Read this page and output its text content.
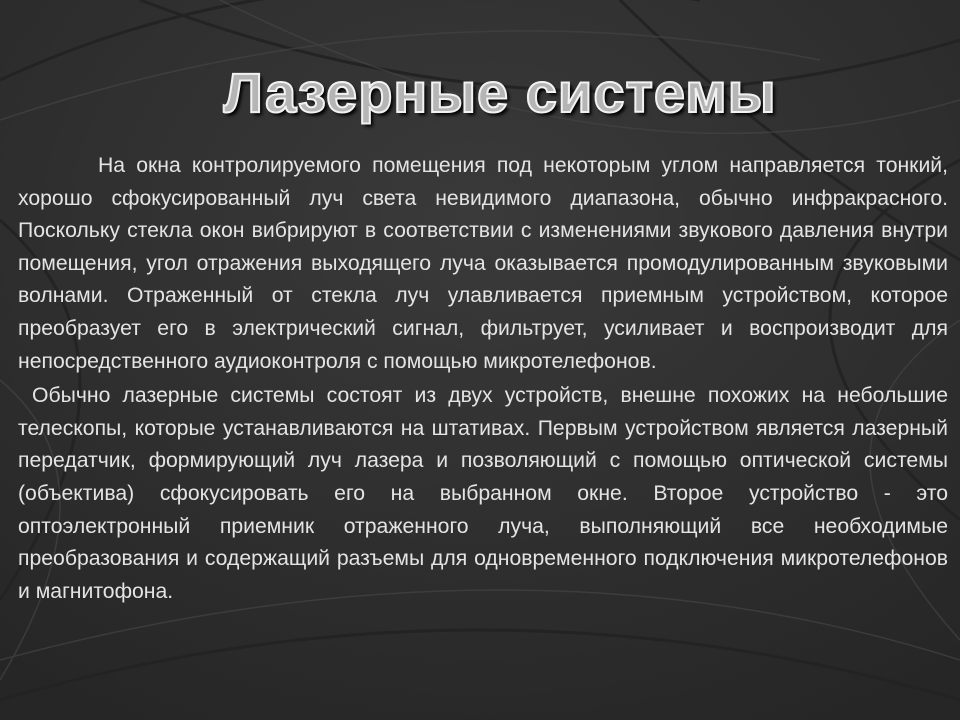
Лазерные системы

На окна контролируемого помещения под некоторым углом направляется тонкий, хорошо сфокусированный луч света невидимого диапазона, обычно инфракрасного. Поскольку стекла окон вибрируют в соответствии с изменениями звукового давления внутри помещения, угол отражения выходящего луча оказывается промодулированным звуковыми волнами. Отраженный от стекла луч улавливается приемным устройством, которое преобразует его в электрический сигнал, фильтрует, усиливает и воспроизводит для непосредственного аудиоконтроля с помощью микротелефонов.

Обычно лазерные системы состоят из двух устройств, внешне похожих на небольшие телескопы, которые устанавливаются на штативах. Первым устройством является лазерный передатчик, формирующий луч лазера и позволяющий с помощью оптической системы (объектива) сфокусировать его на выбранном окне. Второе устройство - это оптоэлектронный приемник отраженного луча, выполняющий все необходимые преобразования и содержащий разъемы для одновременного подключения микротелефонов и магнитофона.
